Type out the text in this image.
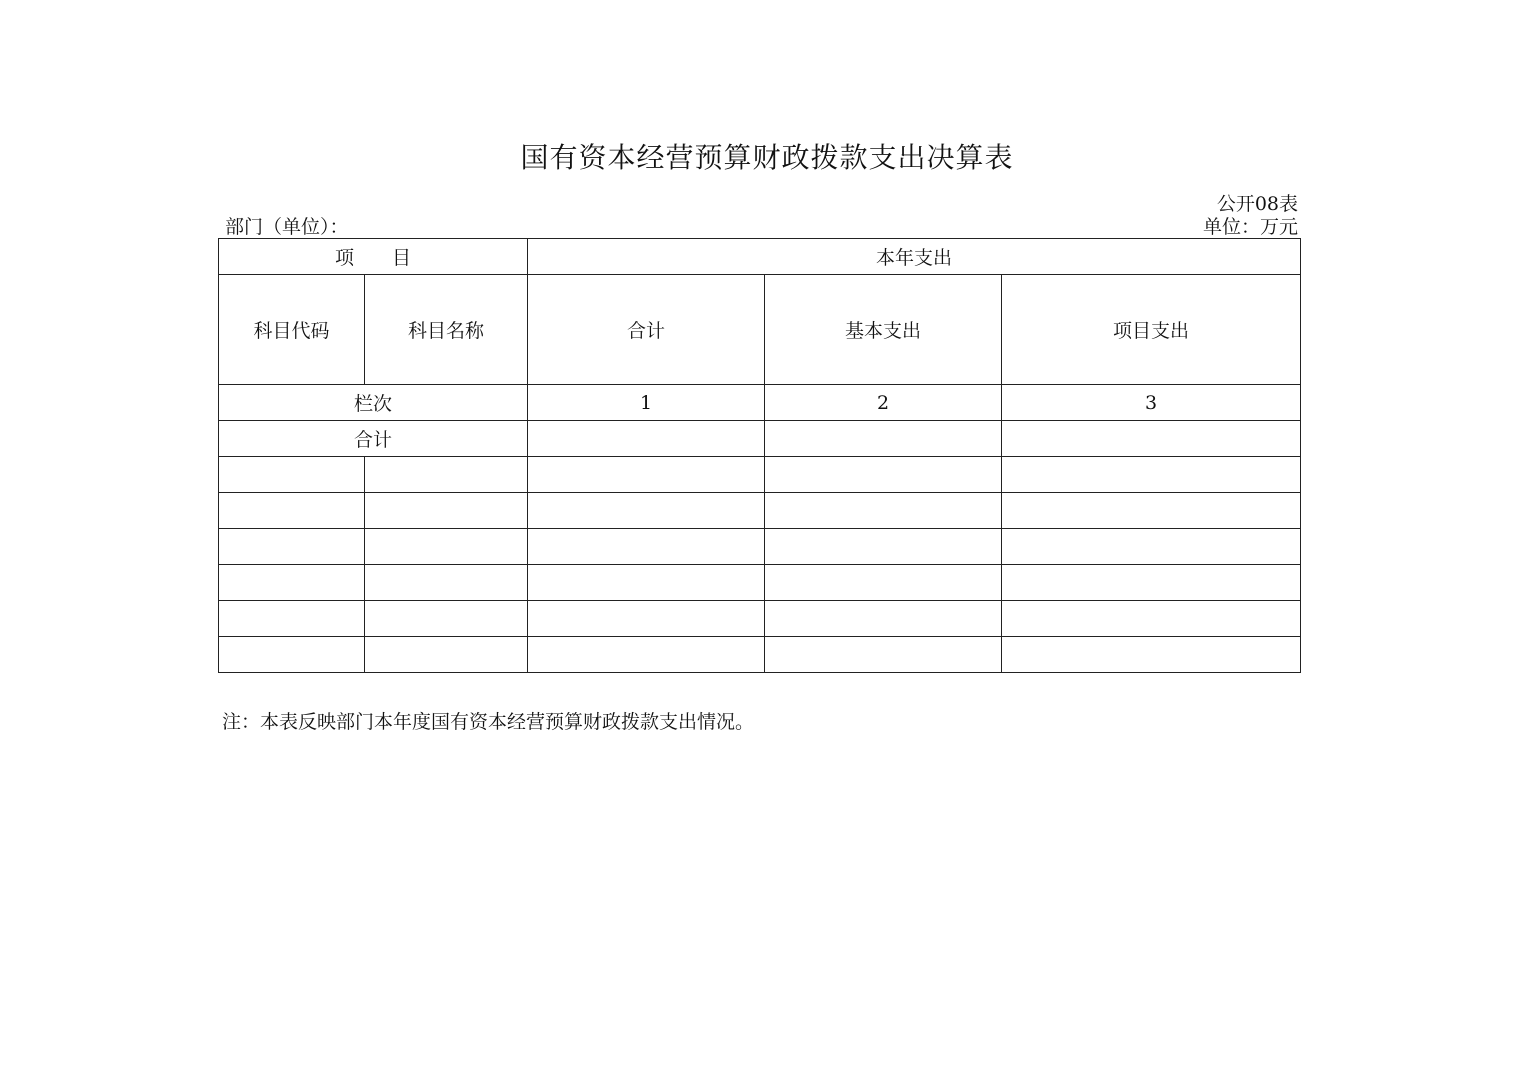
国有资本经营预算财政拨款支出决算表
公开08表
部门（单位）：	单位：万元
项　　目		本年支出		
科目代码	科目名称	合计	基本支出	项目支出
栏次		1	2	3
合计				

注：本表反映部门本年度国有资本经营预算财政拨款支出情况。
